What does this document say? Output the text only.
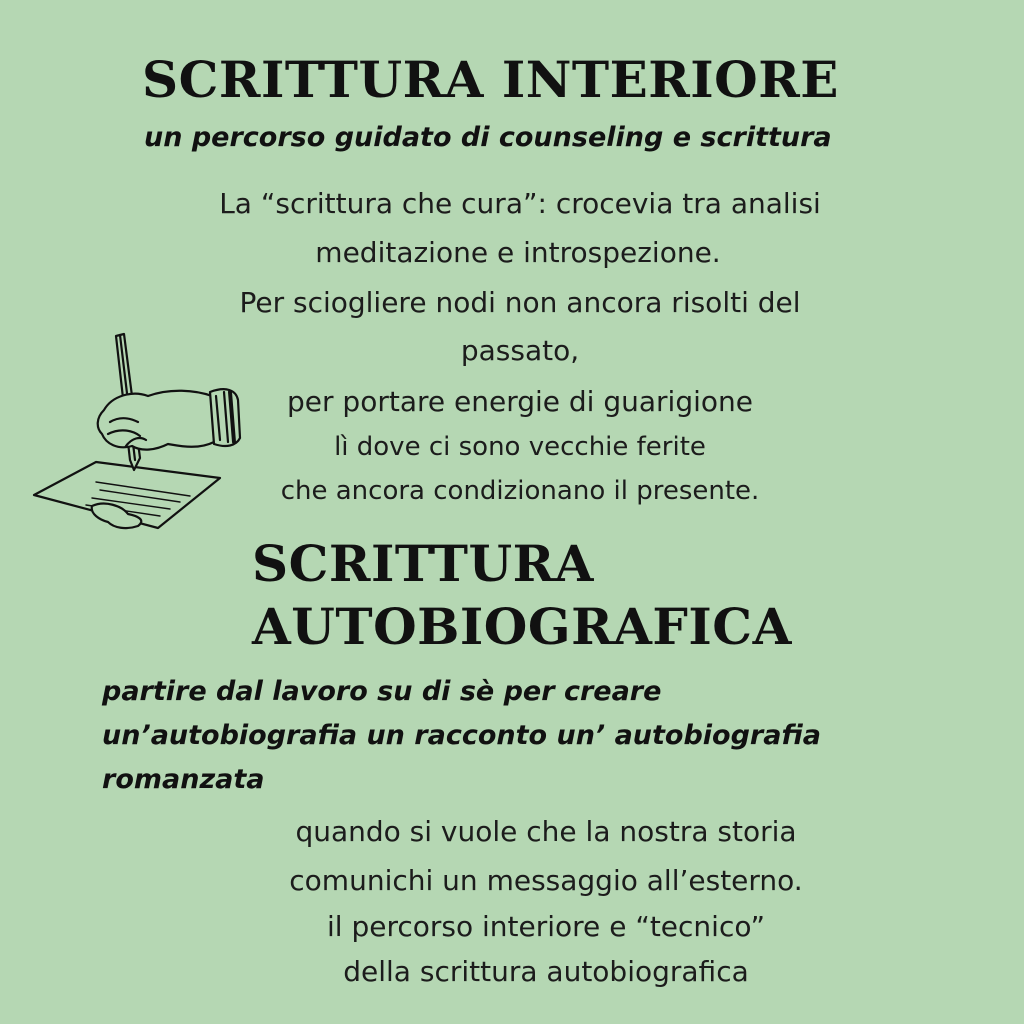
SCRITTURA INTERIORE
un percorso guidato di counseling e scrittura
La “scrittura che cura”: crocevia tra analisi
meditazione e introspezione.
Per sciogliere nodi non ancora risolti del
passato,
per portare energie di guarigione
lì dove ci sono vecchie ferite
che ancora condizionano il presente.
SCRITTURA
AUTOBIOGRAFICA
partire dal lavoro su di sè per creare
un’autobiografia un racconto un’ autobiografia
romanzata
quando si vuole che la nostra storia
comunichi un messaggio all’esterno.
il percorso interiore e “tecnico”
della scrittura autobiografica
